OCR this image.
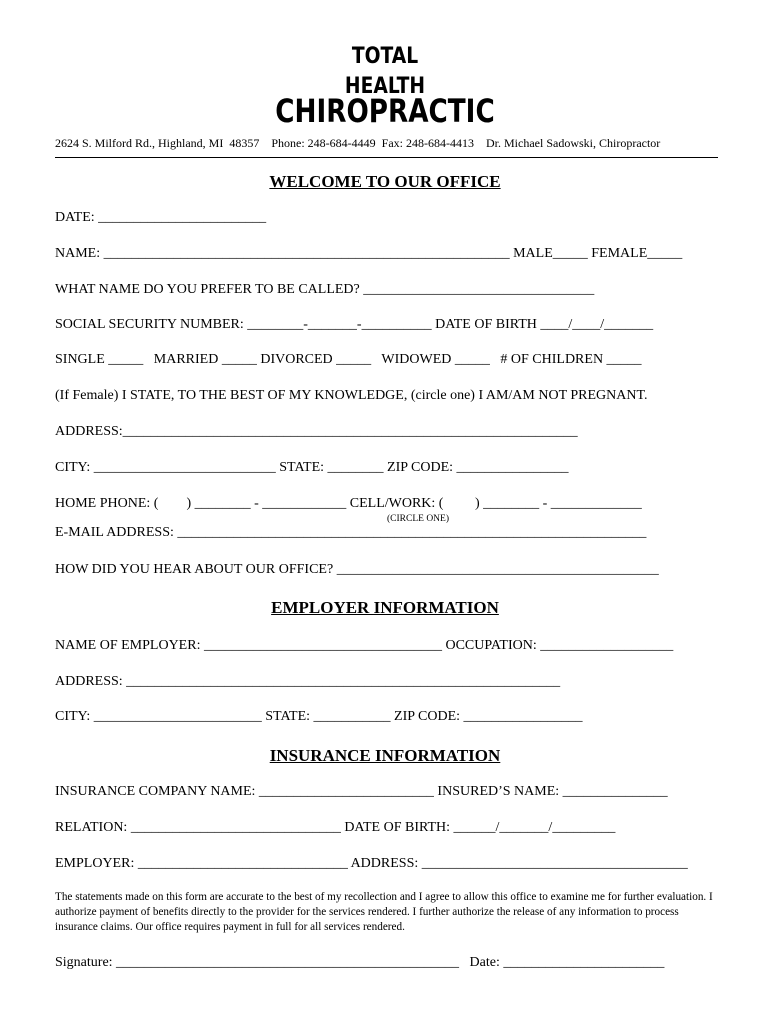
TOTAL
HEALTH
CHIROPRACTIC
2624 S. Milford Rd., Highland, MI  48357 Phone: 248-684-4449 Fax: 248-684-4413 Dr. Michael Sadowski, Chiropractor
WELCOME TO OUR OFFICE
DATE: ________________________
NAME: __________________________________________________________ MALE_____ FEMALE_____
WHAT NAME DO YOU PREFER TO BE CALLED? _________________________________
SOCIAL SECURITY NUMBER: ________-_______-__________ DATE OF BIRTH ____/____/_______
SINGLE _____   MARRIED _____ DIVORCED _____   WIDOWED _____   # OF CHILDREN _____
(If Female) I STATE, TO THE BEST OF MY KNOWLEDGE, (circle one) I AM/AM NOT PREGNANT.
ADDRESS:_________________________________________________________________
CITY: __________________________ STATE: ________ ZIP CODE: ________________
HOME PHONE: (        ) ________ - ____________ CELL/WORK: (         ) ________ - _____________
(CIRCLE ONE)
E-MAIL ADDRESS: ___________________________________________________________________
HOW DID YOU HEAR ABOUT OUR OFFICE? ______________________________________________
EMPLOYER INFORMATION
NAME OF EMPLOYER: __________________________________ OCCUPATION: ___________________
ADDRESS: ______________________________________________________________
CITY: ________________________ STATE: ___________ ZIP CODE: _________________
INSURANCE INFORMATION
INSURANCE COMPANY NAME: _________________________ INSURED’S NAME: _______________
RELATION: ______________________________ DATE OF BIRTH: ______/_______/_________
EMPLOYER: ______________________________ ADDRESS: ______________________________________
The statements made on this form are accurate to the best of my recollection and I agree to allow this office to examine me for further evaluation. I authorize payment of benefits directly to the provider for the services rendered. I further authorize the release of any information to process insurance claims. Our office requires payment in full for all services rendered.
Signature: _________________________________________________   Date: _______________________
